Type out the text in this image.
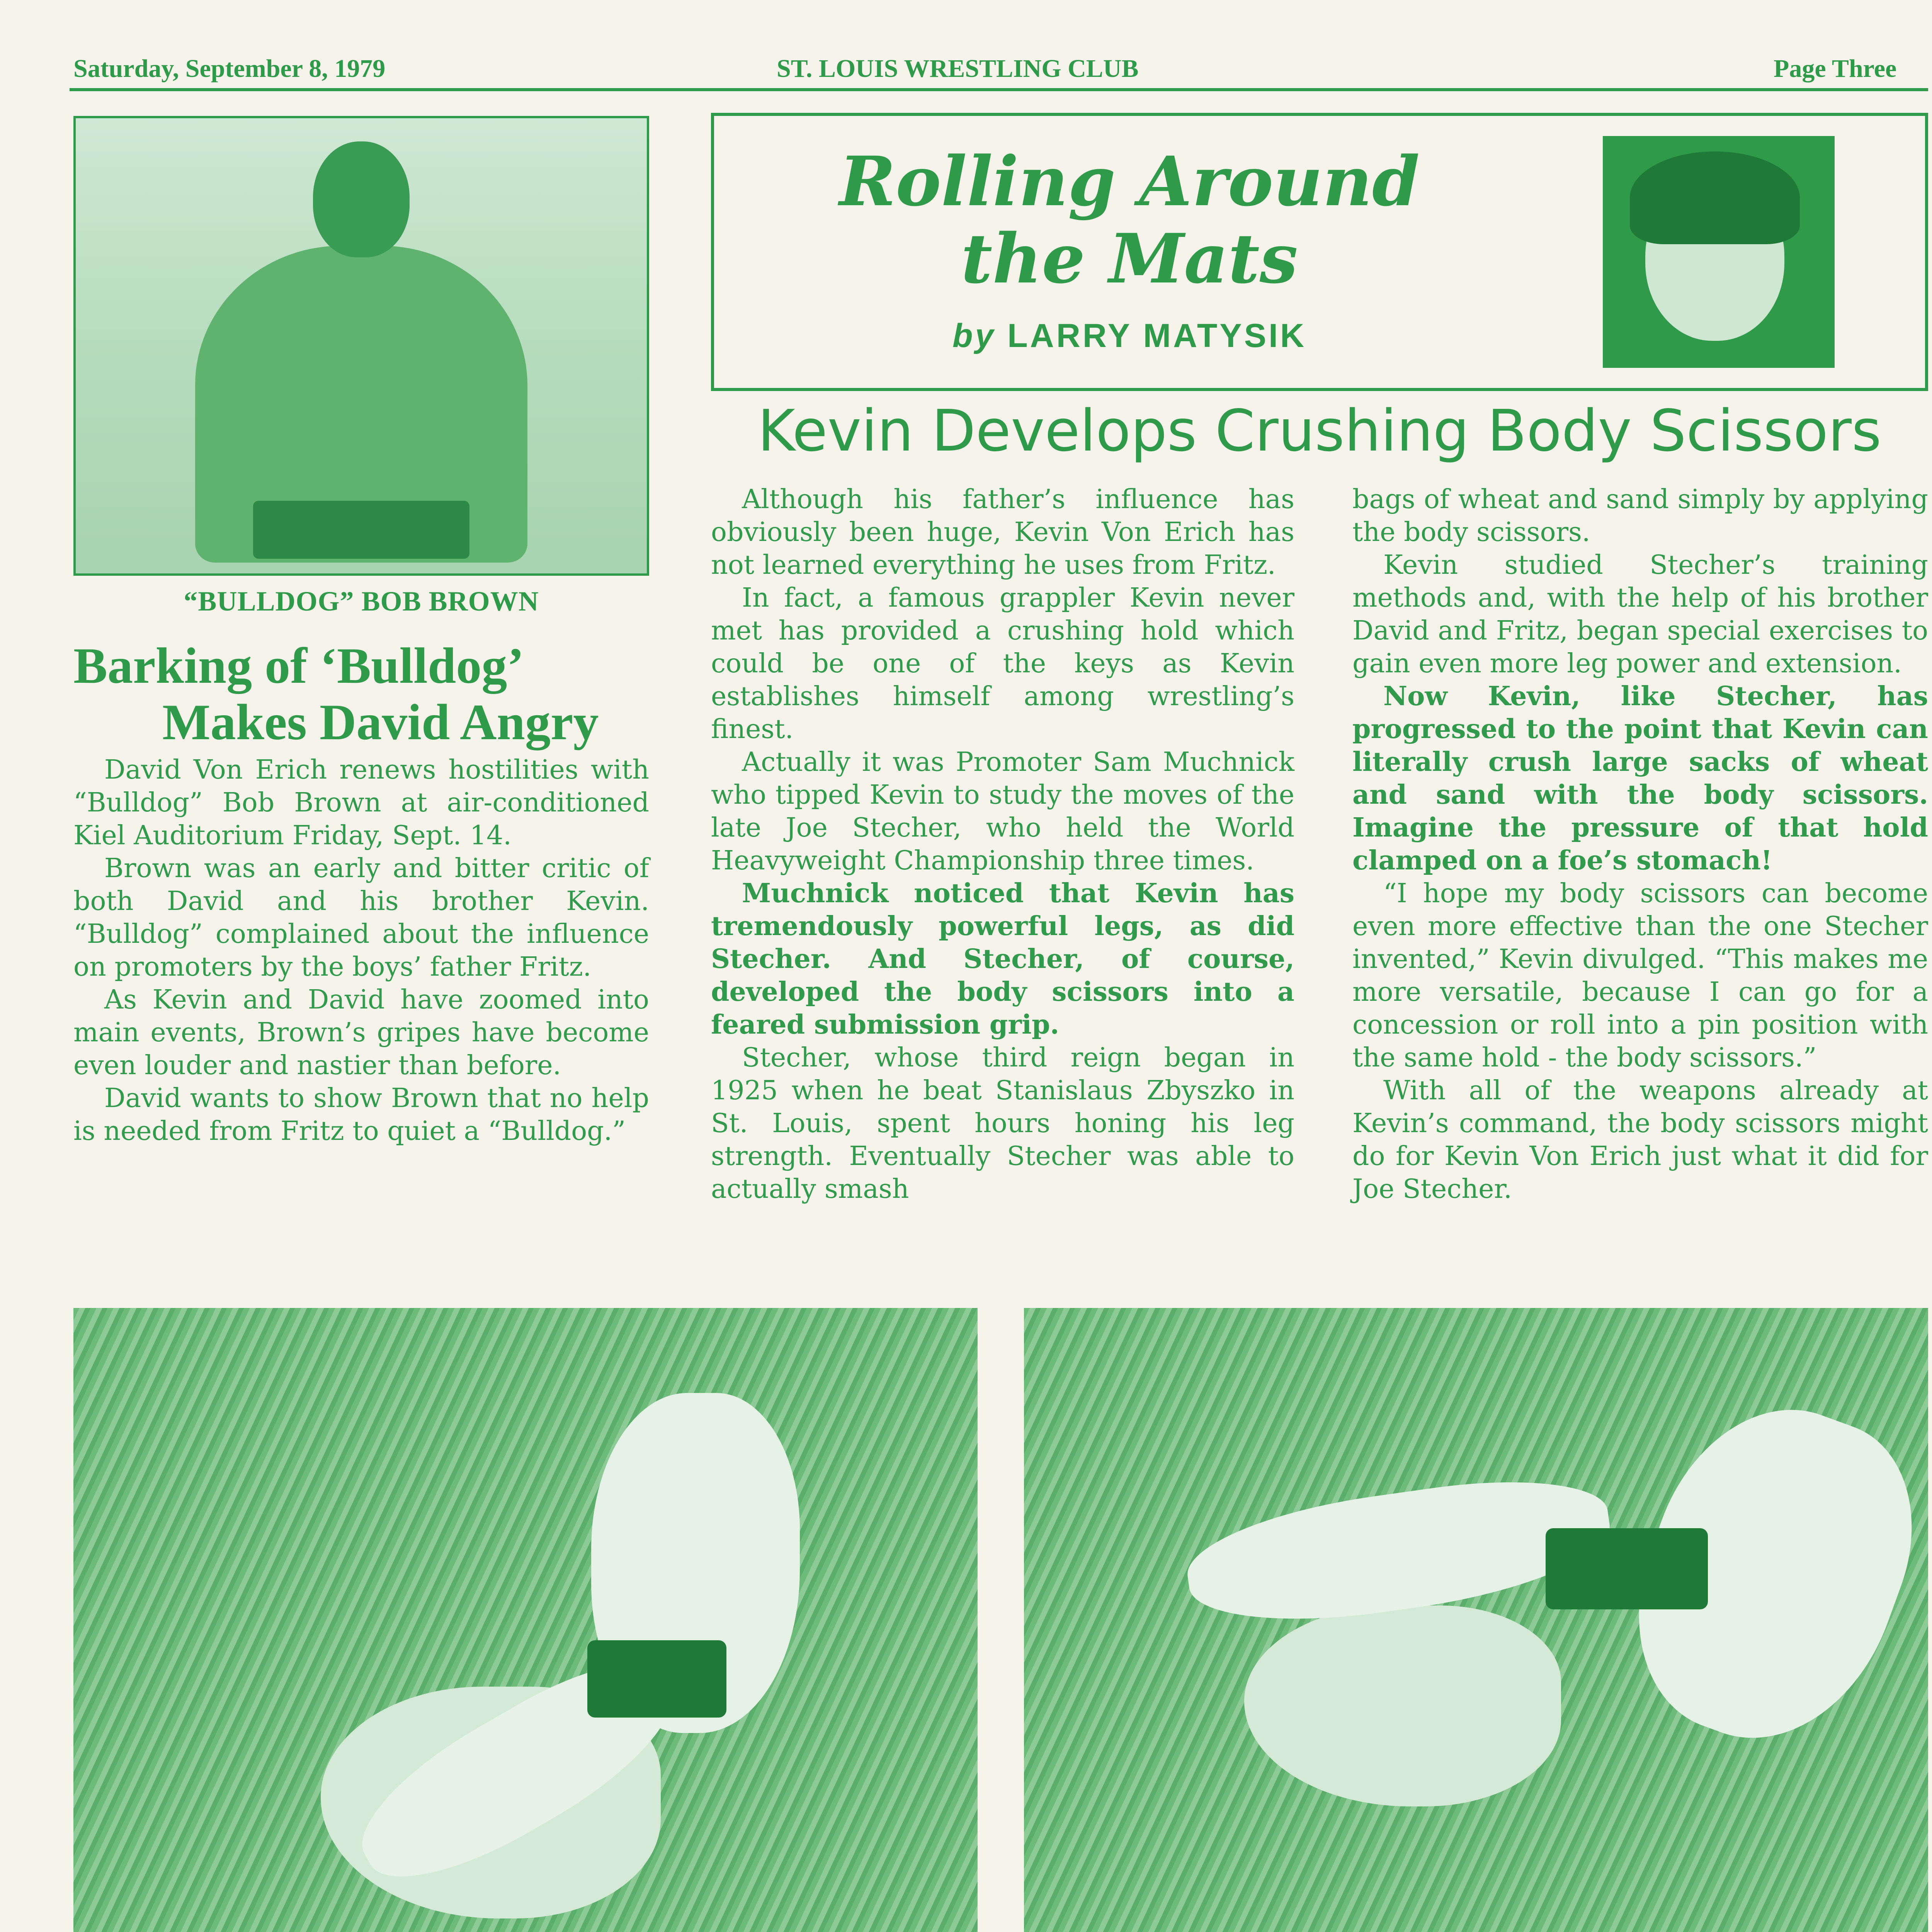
Saturday, September 8, 1979	ST. LOUIS WRESTLING CLUB	Page Three
“BULLDOG” BOB BROWN
Barking of ‘Bulldog’
Makes David Angry

David Von Erich renews hostilities with “Bulldog” Bob Brown at air-conditioned Kiel Auditorium Friday, Sept. 14.

Brown was an early and bitter critic of both David and his brother Kevin. “Bulldog” complained about the influence on promoters by the boys’ father Fritz.

As Kevin and David have zoomed into main events, Brown’s gripes have become even louder and nastier than before.

David wants to show Brown that no help is needed from Fritz to quiet a “Bulldog.”

Rolling Around
the Mats
by LARRY MATYSIK
Kevin Develops Crushing Body Scissors

Although his father’s influence has obviously been huge, Kevin Von Erich has not learned everything he uses from Fritz.

In fact, a famous grappler Kevin never met has provided a crushing hold which could be one of the keys as Kevin establishes himself among wrestling’s finest.

Actually it was Promoter Sam Muchnick who tipped Kevin to study the moves of the late Joe Stecher, who held the World Heavyweight Championship three times.

Muchnick noticed that Kevin has tremendously powerful legs, as did Stecher. And Stecher, of course, developed the body scissors into a feared submission grip.

Stecher, whose third reign began in 1925 when he beat Stanislaus Zbyszko in St. Louis, spent hours honing his leg strength. Eventually Stecher was able to actually smash

bags of wheat and sand simply by applying the body scissors.

Kevin studied Stecher’s training methods and, with the help of his brother David and Fritz, began special exercises to gain even more leg power and extension.

Now Kevin, like Stecher, has progressed to the point that Kevin can literally crush large sacks of wheat and sand with the body scissors. Imagine the pressure of that hold clamped on a foe’s stomach!

“I hope my body scissors can become even more effective than the one Stecher invented,” Kevin divulged. “This makes me more versatile, because I can go for a concession or roll into a pin position with the same hold - the body scissors.”

With all of the weapons already at Kevin’s command, the body scissors might do for Kevin Von Erich just what it did for Joe Stecher.
